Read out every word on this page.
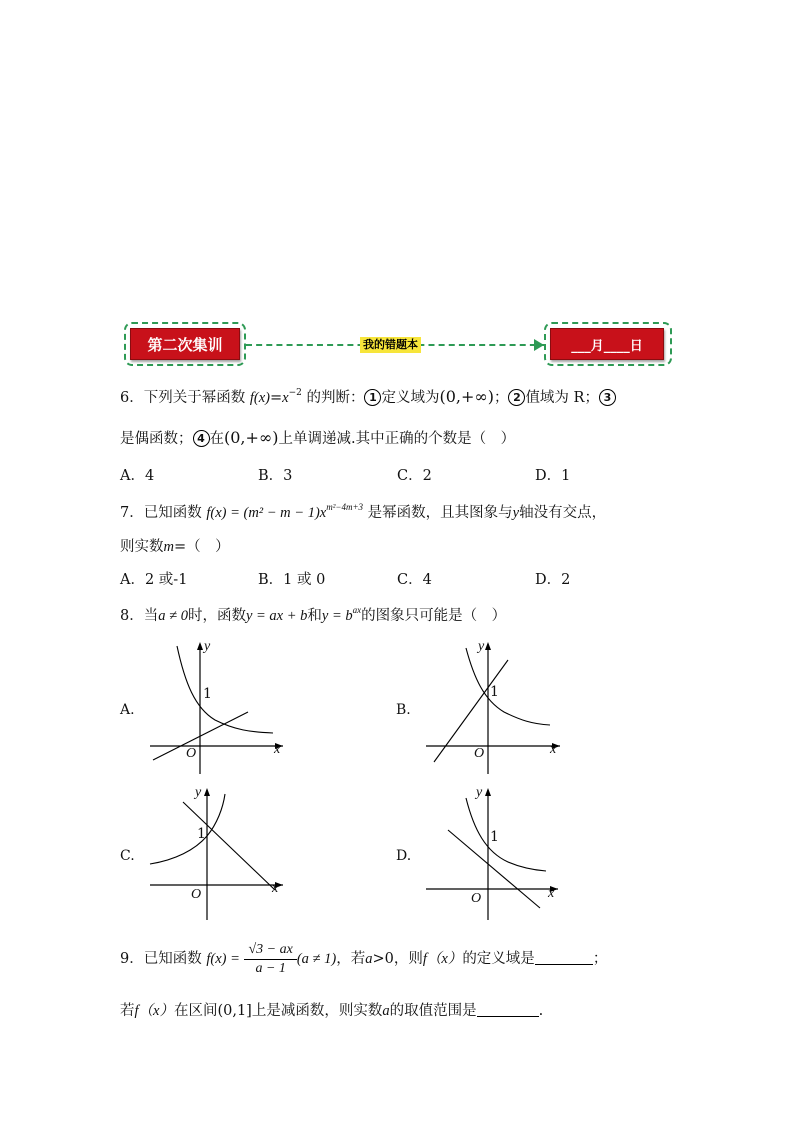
第二次集训	我的错题本	___月____日
6．下列关于幂函数 $f(x)=x^{-2}$ 的判断： 1 定义域为(0,+∞)； 2 值域为 R； 3
是偶函数； 4 在(0,+∞)上单调递减.其中正确的个数是（　）
A．4	B．3	C．2	D．1
7．已知函数 $f(x) = (m^2 - m - 1)x^{m^2-4m+3}$ 是幂函数，且其图象与y轴没有交点，
则实数m=（　）
A．2 或-1	B．1 或 0	C．4	D．2
8．当a ≠ 0时，函数y = ax + b和$y = b^{ax}$的图象只可能是（　）
A.
y
x
O
1
B.
y
x
O
1
C.
y
x
O
1
D.
y
x
O
1
9．已知函数 $f(x) = \frac{√3 - ax}{a - 1} (a \ne 1)$，若a>0，则f（x）的定义域是	；
若f（x）在区间(0,1]上是减函数，则实数a的取值范围是	.
